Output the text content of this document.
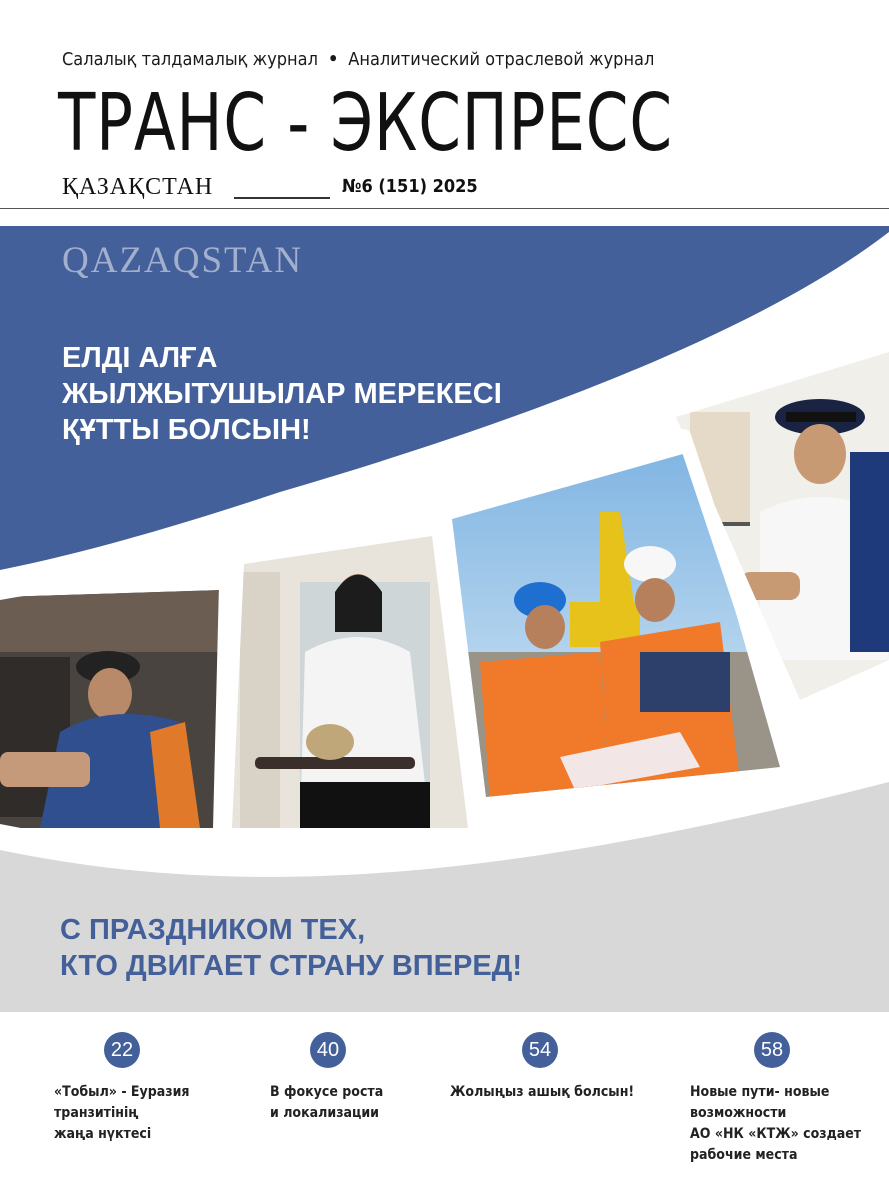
Салалық талдамалық журнал • Аналитический отраслевой журнал
ТРАНС - ЭКСПРЕСС
ҚАЗАҚСТАН	№6 (151) 2025
QAZAQSTAN
ЕЛДІ АЛҒА
ЖЫЛЖЫТУШЫЛАР МЕРЕКЕСІ
ҚҰТТЫ БОЛСЫН!
С ПРАЗДНИКОМ ТЕХ,
КТО ДВИГАЕТ СТРАНУ ВПЕРЕД!
22
«Тобыл» - Еуразия
транзитінің
жаңа нүктесі
40
В фокусе роста
и локализации
54
Жолыңыз ашық болсын!
58
Новые пути- новые
возможности
АО «НК «КТЖ» создает
рабочие места
